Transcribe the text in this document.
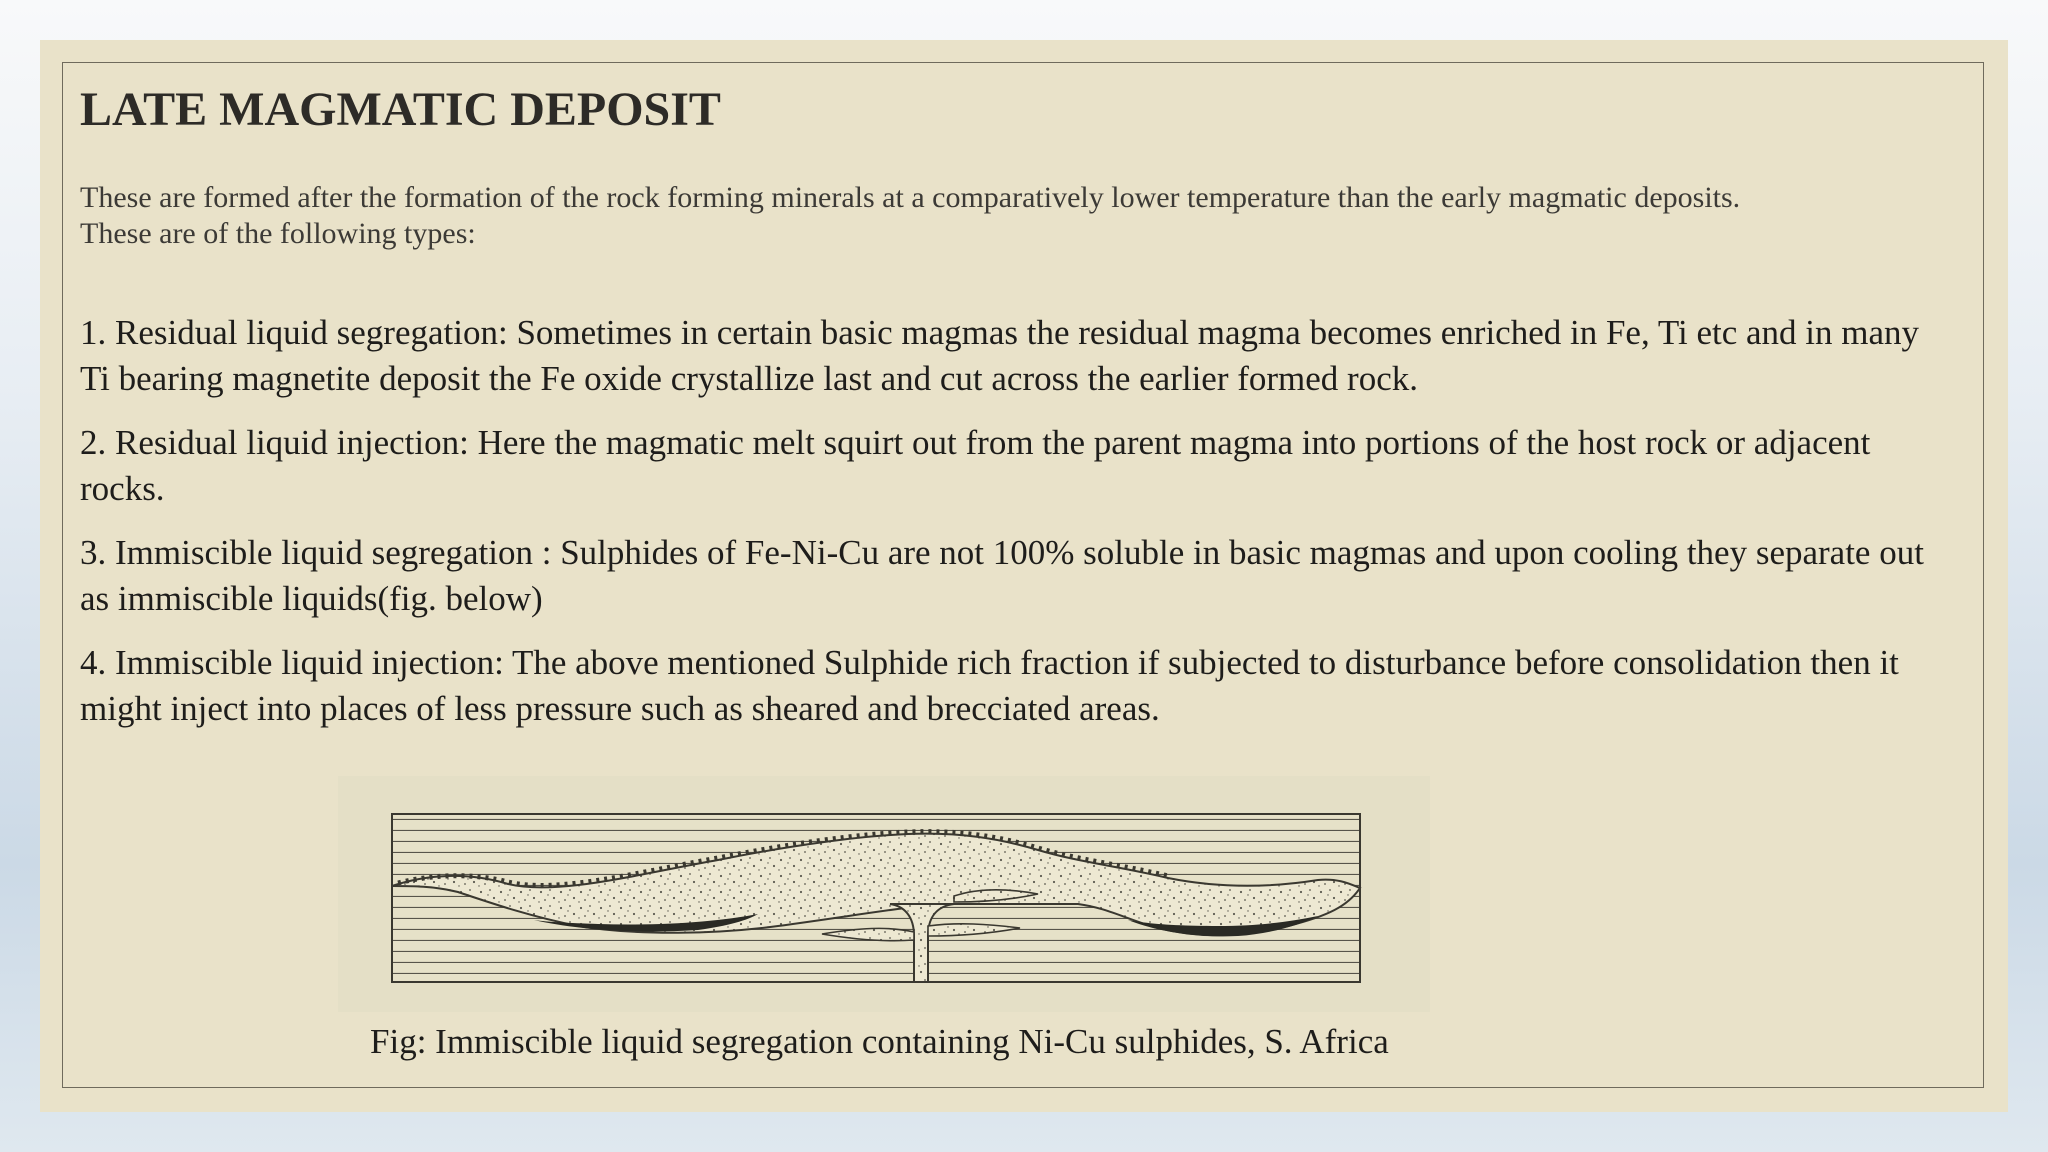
LATE MAGMATIC DEPOSIT

These are formed after the formation of the rock forming minerals at a comparatively lower temperature than the early magmatic deposits.

These are of the following types:

1. Residual liquid segregation: Sometimes in certain basic magmas the residual magma becomes enriched in Fe, Ti etc and in many Ti bearing magnetite deposit the Fe oxide crystallize last and cut across the earlier formed rock.

2. Residual liquid injection: Here the magmatic melt squirt out from the parent magma into portions of the host rock or adjacent rocks.

3. Immiscible liquid segregation : Sulphides of Fe-Ni-Cu are not 100% soluble in basic magmas and upon cooling they separate out as immiscible liquids(fig. below)

4. Immiscible liquid injection: The above mentioned Sulphide rich fraction if subjected to disturbance before consolidation then it might inject into places of less pressure such as sheared and brecciated areas.

Fig: Immiscible liquid segregation containing Ni-Cu sulphides, S. Africa
